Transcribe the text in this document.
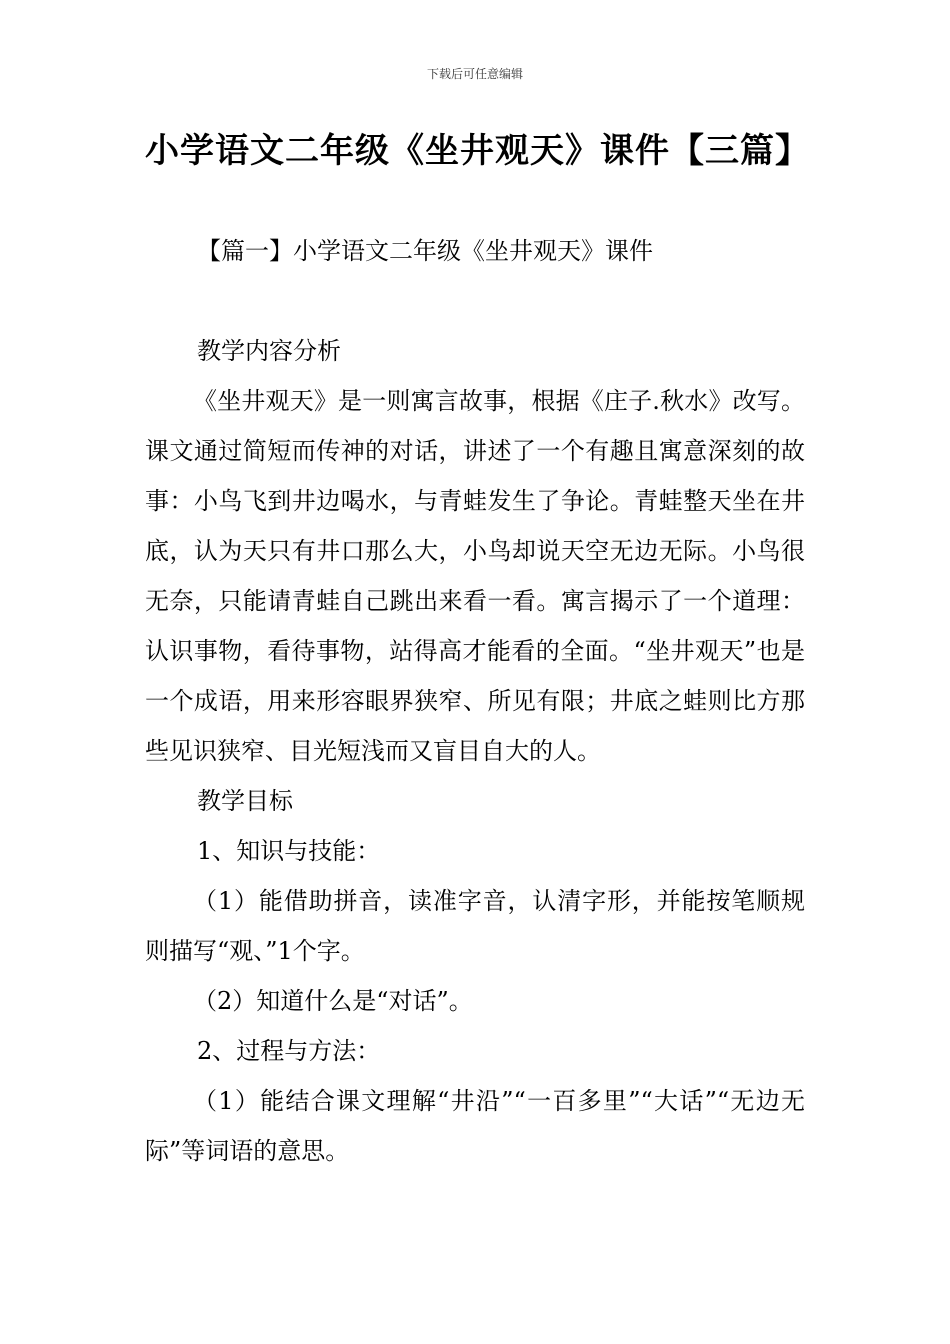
下载后可任意编辑
小学语文二年级《坐井观天》课件【三篇】

【篇一】小学语文二年级《坐井观天》课件

教学内容分析

《坐井观天》是一则寓言故事，根据《庄子.秋水》改写。课文通过简短而传神的对话，讲述了一个有趣且寓意深刻的故事：小鸟飞到井边喝水，与青蛙发生了争论。青蛙整天坐在井底，认为天只有井口那么大，小鸟却说天空无边无际。小鸟很无奈，只能请青蛙自己跳出来看一看。寓言揭示了一个道理：认识事物，看待事物，站得高才能看的全面。“坐井观天”也是一个成语，用来形容眼界狭窄、所见有限；井底之蛙则比方那些见识狭窄、目光短浅而又盲目自大的人。

教学目标

1、知识与技能：

（1）能借助拼音，读准字音，认清字形，并能按笔顺规则描写“观、”1个字。

（2）知道什么是“对话”。

2、过程与方法：

（1）能结合课文理解“井沿”“一百多里”“大话”“无边无际”等词语的意思。
